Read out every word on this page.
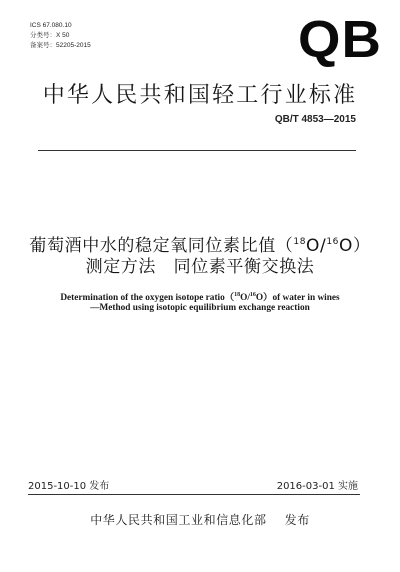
ICS 67.080.10
分类号：X 50
备案号：52205-2015	QB
中华人民共和国轻工行业标准
QB/T 4853—2015
葡萄酒中水的稳定氧同位素比值（$^{18}$O/$^{16}$O）
测定方法　同位素平衡交换法
Determination of the oxygen isotope ratio（$^{18}$O/$^{16}$O）of water in wines
—Method using isotopic equilibrium exchange reaction
2015-10-10 发布	2016-03-01 实施
中华人民共和国工业和信息化部 发布
